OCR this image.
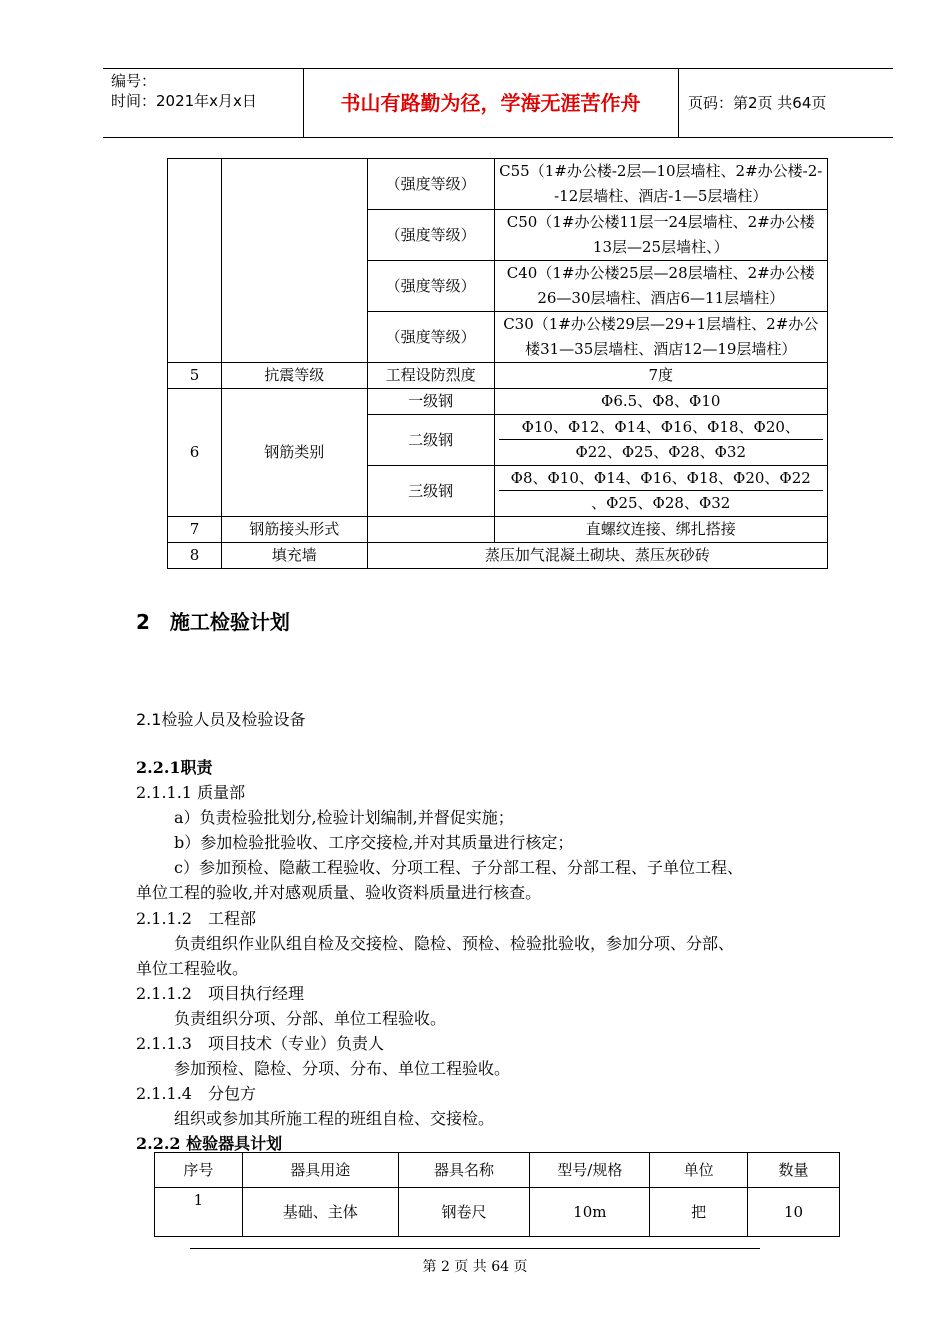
编号：
时间：2021年x月x日	书山有路勤为径，学海无涯苦作舟	页码：第2页 共64页
		（强度等级）	C55（1#办公楼-2层—10层墙柱、2#办公楼-2--12层墙柱、酒店-1—5层墙柱）
		（强度等级）	C50（1#办公楼11层一24层墙柱、2#办公楼13层—25层墙柱、）
		（强度等级）	C40（1#办公楼25层—28层墙柱、2#办公楼26—30层墙柱、酒店6—11层墙柱）
		（强度等级）	C30（1#办公楼29层—29+1层墙柱、2#办公楼31—35层墙柱、酒店12—19层墙柱）
5	抗震等级	工程设防烈度	7度
6	钢筋类别	一级钢	Φ6.5、Φ8、Φ10
		二级钢	Φ10、Φ12、Φ14、Φ16、Φ18、Φ20、
Φ22、Φ25、Φ28、Φ32
		三级钢	Φ8、Φ10、Φ14、Φ16、Φ18、Φ20、Φ22
、Φ25、Φ28、Φ32
7	钢筋接头形式		直螺纹连接、绑扎搭接
8	填充墙	蒸压加气混凝土砌块、蒸压灰砂砖	
2　施工检验计划
2.1检验人员及检验设备

2.2.1职责

2.1.1.1 质量部

a）负责检验批划分,检验计划编制,并督促实施；

b）参加检验批验收、工序交接检,并对其质量进行核定；

c）参加预检、隐蔽工程验收、分项工程、子分部工程、分部工程、子单位工程、

单位工程的验收,并对感观质量、验收资料质量进行核查。

2.1.1.2　工程部

负责组织作业队组自检及交接检、隐检、预检、检验批验收，参加分项、分部、

单位工程验收。

2.1.1.2　项目执行经理

负责组织分项、分部、单位工程验收。

2.1.1.3　项目技术（专业）负责人

参加预检、隐检、分项、分布、单位工程验收。

2.1.1.4　分包方

组织或参加其所施工程的班组自检、交接检。

2.2.2 检验器具计划

序号	器具用途	器具名称	型号/规格	单位	数量
1	基础、主体	钢卷尺	10m	把	10
第 2 页 共 64 页
